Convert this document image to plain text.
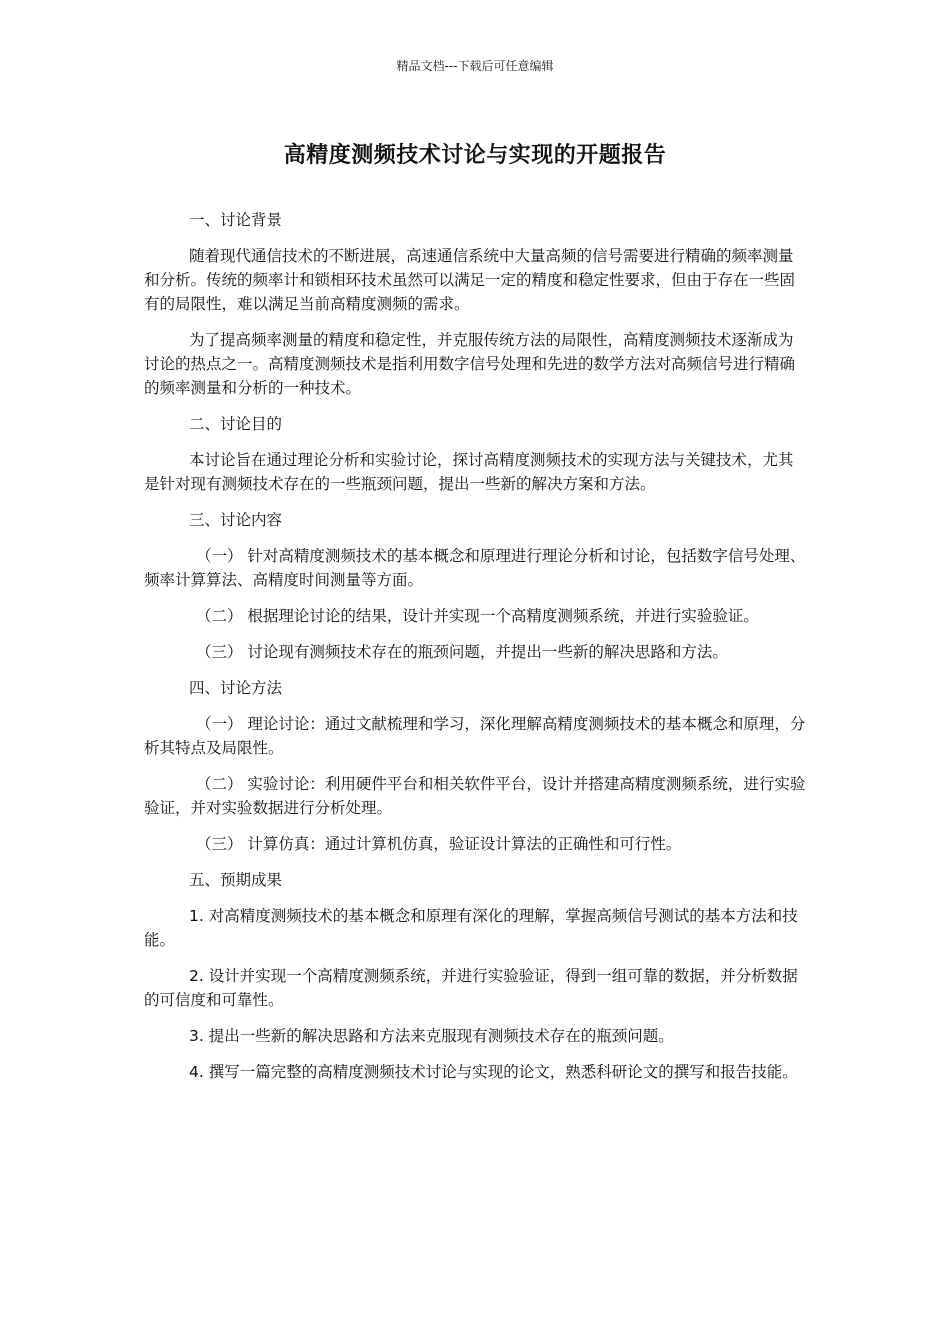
精品文档---下载后可任意编辑
高精度测频技术讨论与实现的开题报告

一、讨论背景

随着现代通信技术的不断进展，高速通信系统中大量高频的信号需要进行精确的频率测量和分析。传统的频率计和锁相环技术虽然可以满足一定的精度和稳定性要求，但由于存在一些固有的局限性，难以满足当前高精度测频的需求。

为了提高频率测量的精度和稳定性，并克服传统方法的局限性，高精度测频技术逐渐成为讨论的热点之一。高精度测频技术是指利用数字信号处理和先进的数学方法对高频信号进行精确的频率测量和分析的一种技术。

二、讨论目的

本讨论旨在通过理论分析和实验讨论，探讨高精度测频技术的实现方法与关键技术，尤其是针对现有测频技术存在的一些瓶颈问题，提出一些新的解决方案和方法。

三、讨论内容

（一） 针对高精度测频技术的基本概念和原理进行理论分析和讨论，包括数字信号处理、频率计算算法、高精度时间测量等方面。

（二） 根据理论讨论的结果，设计并实现一个高精度测频系统，并进行实验验证。

（三） 讨论现有测频技术存在的瓶颈问题，并提出一些新的解决思路和方法。

四、讨论方法

（一） 理论讨论：通过文献梳理和学习，深化理解高精度测频技术的基本概念和原理，分析其特点及局限性。

（二） 实验讨论：利用硬件平台和相关软件平台，设计并搭建高精度测频系统，进行实验验证，并对实验数据进行分析处理。

（三） 计算仿真：通过计算机仿真，验证设计算法的正确性和可行性。

五、预期成果

1. 对高精度测频技术的基本概念和原理有深化的理解，掌握高频信号测试的基本方法和技能。

2. 设计并实现一个高精度测频系统，并进行实验验证，得到一组可靠的数据，并分析数据的可信度和可靠性。

3. 提出一些新的解决思路和方法来克服现有测频技术存在的瓶颈问题。

4. 撰写一篇完整的高精度测频技术讨论与实现的论文，熟悉科研论文的撰写和报告技能。
